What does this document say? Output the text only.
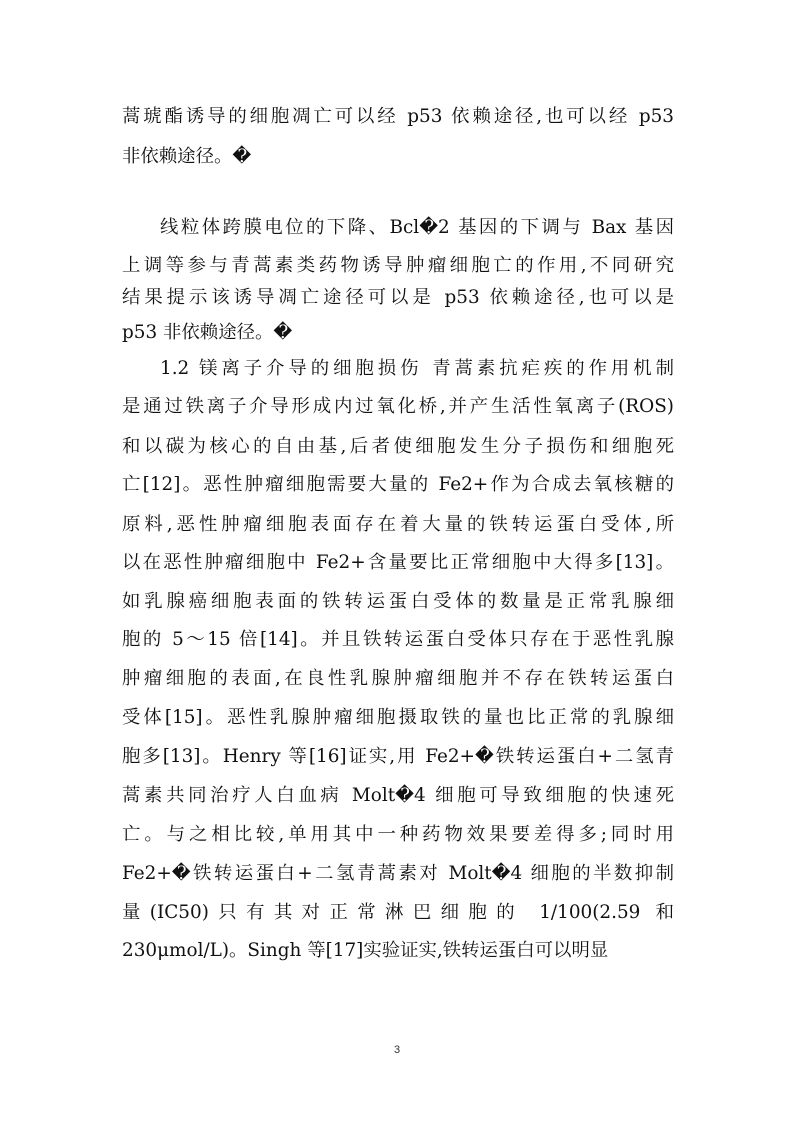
蒿琥酯诱导的细胞凋亡可以经 p53 依赖途径,也可以经 p53
非依赖途径。�
线粒体跨膜电位的下降、Bcl�2 基因的下调与 Bax 基因
上调等参与青蒿素类药物诱导肿瘤细胞亡的作用,不同研究
结果提示该诱导凋亡途径可以是 p53 依赖途径,也可以是
p53 非依赖途径。�
1.2 镁离子介导的细胞损伤 青蒿素抗疟疾的作用机制
是通过铁离子介导形成内过氧化桥,并产生活性氧离子(ROS)
和以碳为核心的自由基,后者使细胞发生分子损伤和细胞死
亡[12]。恶性肿瘤细胞需要大量的 Fe2+作为合成去氧核糖的
原料,恶性肿瘤细胞表面存在着大量的铁转运蛋白受体,所
以在恶性肿瘤细胞中 Fe2+含量要比正常细胞中大得多[13]。
如乳腺癌细胞表面的铁转运蛋白受体的数量是正常乳腺细
胞的 5～15 倍[14]。并且铁转运蛋白受体只存在于恶性乳腺
肿瘤细胞的表面,在良性乳腺肿瘤细胞并不存在铁转运蛋白
受体[15]。恶性乳腺肿瘤细胞摄取铁的量也比正常的乳腺细
胞多[13]。Henry 等[16]证实,用 Fe2+�铁转运蛋白+二氢青
蒿素共同治疗人白血病 Molt�4 细胞可导致细胞的快速死
亡。与之相比较,单用其中一种药物效果要差得多;同时用
Fe2+�铁转运蛋白+二氢青蒿素对 Molt�4 细胞的半数抑制
量(IC50)只有其对正常淋巴细胞的 1/100(2.59 和
230μmol/L)。Singh 等[17]实验证实,铁转运蛋白可以明显
3
